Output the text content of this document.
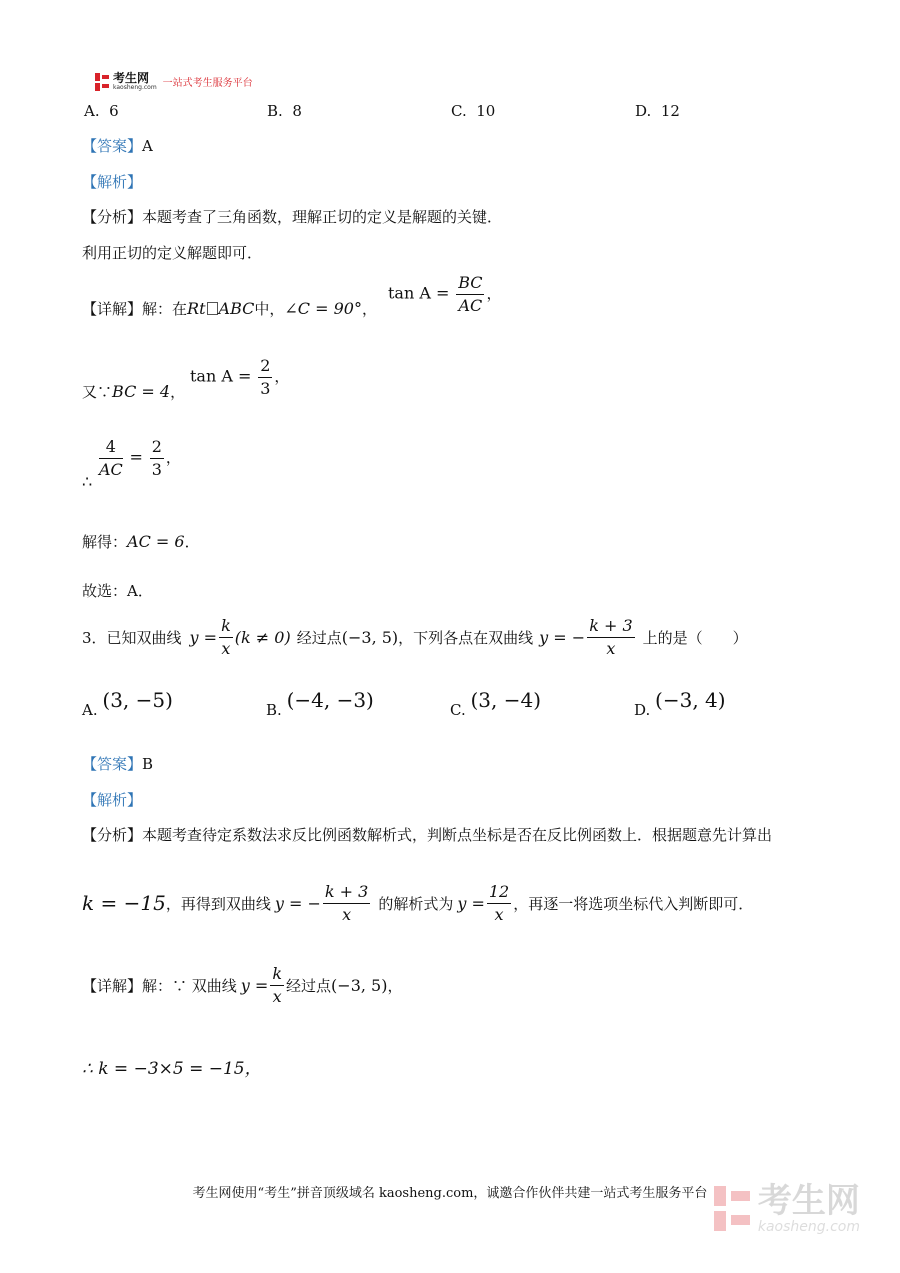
考生网
kaosheng.com 一站式考生服务平台
A. 6	B. 8	C. 10	D. 12
【答案】A
【解析】
【分析】本题考查了三角函数，理解正切的定义是解题的关键．
利用正切的定义解题即可．
【详解】解：在Rt ABC中，∠C = 90°，
$\tan A = \frac{BC}{AC}$ ，
又∵BC = 4，
$\tan A = \frac{2}{3}$ ，
∴ $\frac{4}{AC} = \frac{2}{3}$ ，
解得：AC = 6．
故选：A．
3．已知双曲线 $y = \frac{k}{x} (k \ne 0)$ 经过点 (−3, 5) ，下列各点在双曲线 y = − $\frac{k + 3}{x}$ 上的是（　　）
A. (3, −5)	B. (−4, −3)	C. (3, −4)	D. (−3, 4)
【答案】B
【解析】
【分析】本题考查待定系数法求反比例函数解析式，判断点坐标是否在反比例函数上．根据题意先计算出
k = −15 ，再得到双曲线 y = − $\frac{k + 3}{x}$ 的解析式为 $y = \frac{12}{x}$ ，再逐一将选项坐标代入判断即可．
【详解】 解：∵ 双曲线 $y = \frac{k}{x}$ 经过点 (−3, 5) ，
∴ k = −3×5 = −15，
考生网使用“考生”拼音顶级域名 kaosheng.com，诚邀合作伙伴共建一站式考生服务平台	考生网
kaosheng.com
